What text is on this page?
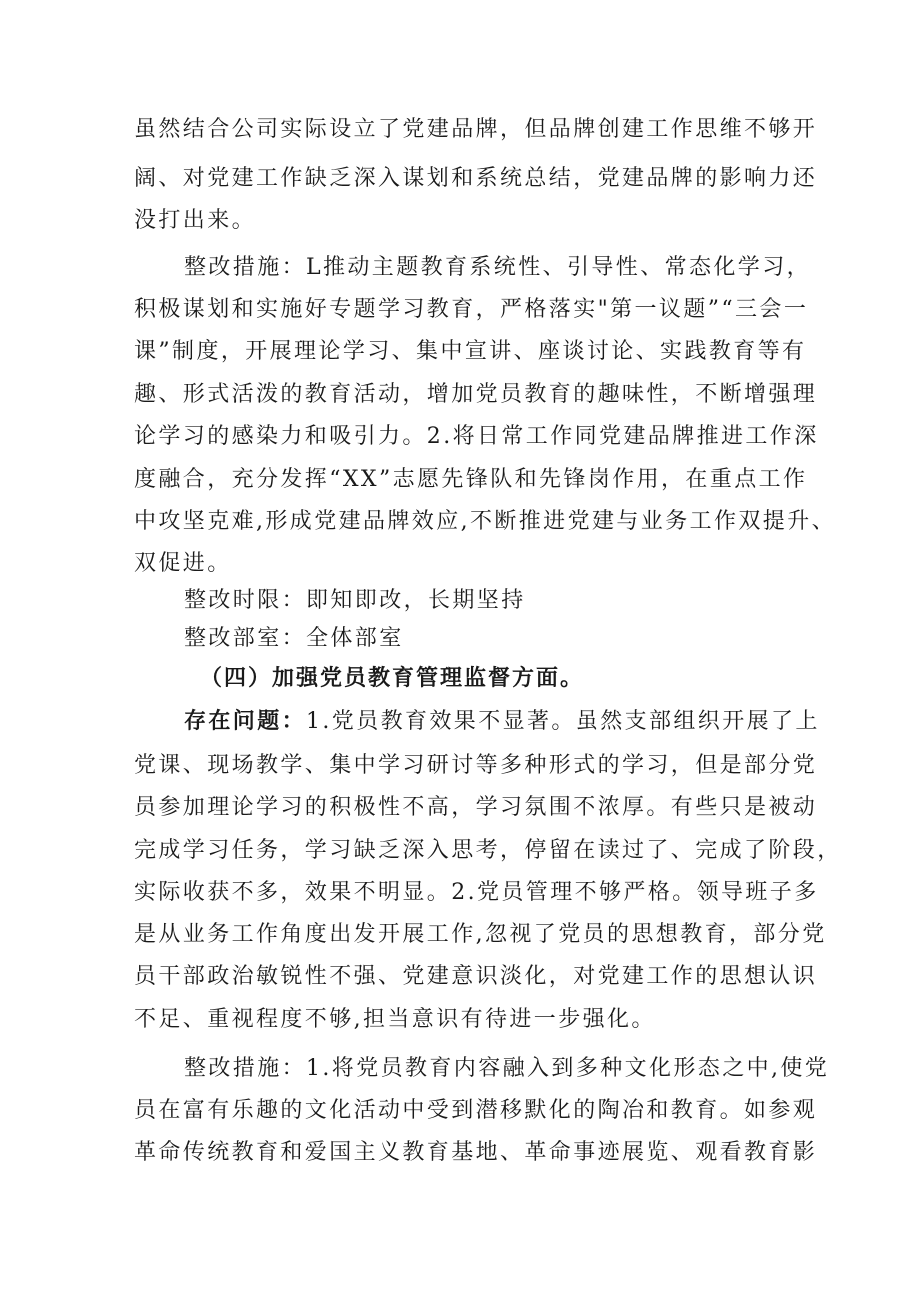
虽然结合公司实际设立了党建品牌，但品牌创建工作思维不够开
阔、对党建工作缺乏深入谋划和系统总结，党建品牌的影响力还
没打出来。
整改措施：L推动主题教育系统性、引导性、常态化学习，
积极谋划和实施好专题学习教育，严格落实"第一议题”“三会一
课”制度，开展理论学习、集中宣讲、座谈讨论、实践教育等有
趣、形式活泼的教育活动，增加党员教育的趣味性，不断增强理
论学习的感染力和吸引力。2.将日常工作同党建品牌推进工作深
度融合，充分发挥“XX”志愿先锋队和先锋岗作用，在重点工作
中攻坚克难,形成党建品牌效应,不断推进党建与业务工作双提升、
双促进。
整改时限：即知即改，长期坚持
整改部室：全体部室
（四）加强党员教育管理监督方面。
存在问题：1.党员教育效果不显著。虽然支部组织开展了上
党课、现场教学、集中学习研讨等多种形式的学习，但是部分党
员参加理论学习的积极性不高，学习氛围不浓厚。有些只是被动
完成学习任务，学习缺乏深入思考，停留在读过了、完成了阶段，
实际收获不多，效果不明显。2.党员管理不够严格。领导班子多
是从业务工作角度出发开展工作,忽视了党员的思想教育，部分党
员干部政治敏锐性不强、党建意识淡化，对党建工作的思想认识
不足、重视程度不够,担当意识有待进一步强化。
整改措施：1.将党员教育内容融入到多种文化形态之中,使党
员在富有乐趣的文化活动中受到潜移默化的陶冶和教育。如参观
革命传统教育和爱国主义教育基地、革命事迹展览、观看教育影
